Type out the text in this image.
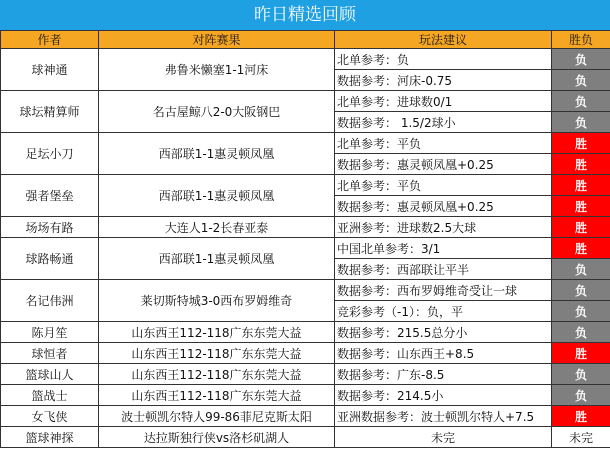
昨日精选回顾
作者	对阵赛果	玩法建议	胜负
球神通	弗鲁米懒塞1-1河床	北单参考：负	负
		数据参考：河床-0.75	负
球坛精算师	名古屋鲸八2-0大阪钢巴	北单参考：进球数0/1	负
		数据参考： 1.5/2球小	负
足坛小刀	西部联1-1惠灵顿凤凰	北单参考：平负	胜
		数据参考：惠灵顿凤凰+0.25	胜
强者堡垒	西部联1-1惠灵顿凤凰	北单参考：平负	胜
		数据参考：惠灵顿凤凰+0.25	胜
场场有路	大连人1-2长春亚泰	亚洲参考：进球数2.5大球	胜
球路畅通	西部联1-1惠灵顿凤凰	中国北单参考：3/1	胜
		数据参考：西部联让平半	负
名记伟洲	莱切斯特城3-0西布罗姆维奇	数据参考：西布罗姆维奇受让一球	负
		竞彩参考（-1）：负，平	负
陈月笙	山东西王112-118广东东莞大益	数据参考：215.5总分小	负
球恒者	山东西王112-118广东东莞大益	数据参考：山东西王+8.5	胜
篮球山人	山东西王112-118广东东莞大益	数据参考：广东-8.5	负
篮战士	山东西王112-118广东东莞大益	数据参考：214.5小	负
女飞侠	波士顿凯尔特人99-86菲尼克斯太阳	亚洲数据参考：波士顿凯尔特人+7.5	胜
篮球神探	达拉斯独行侠vs洛杉矶湖人	未完	未完
